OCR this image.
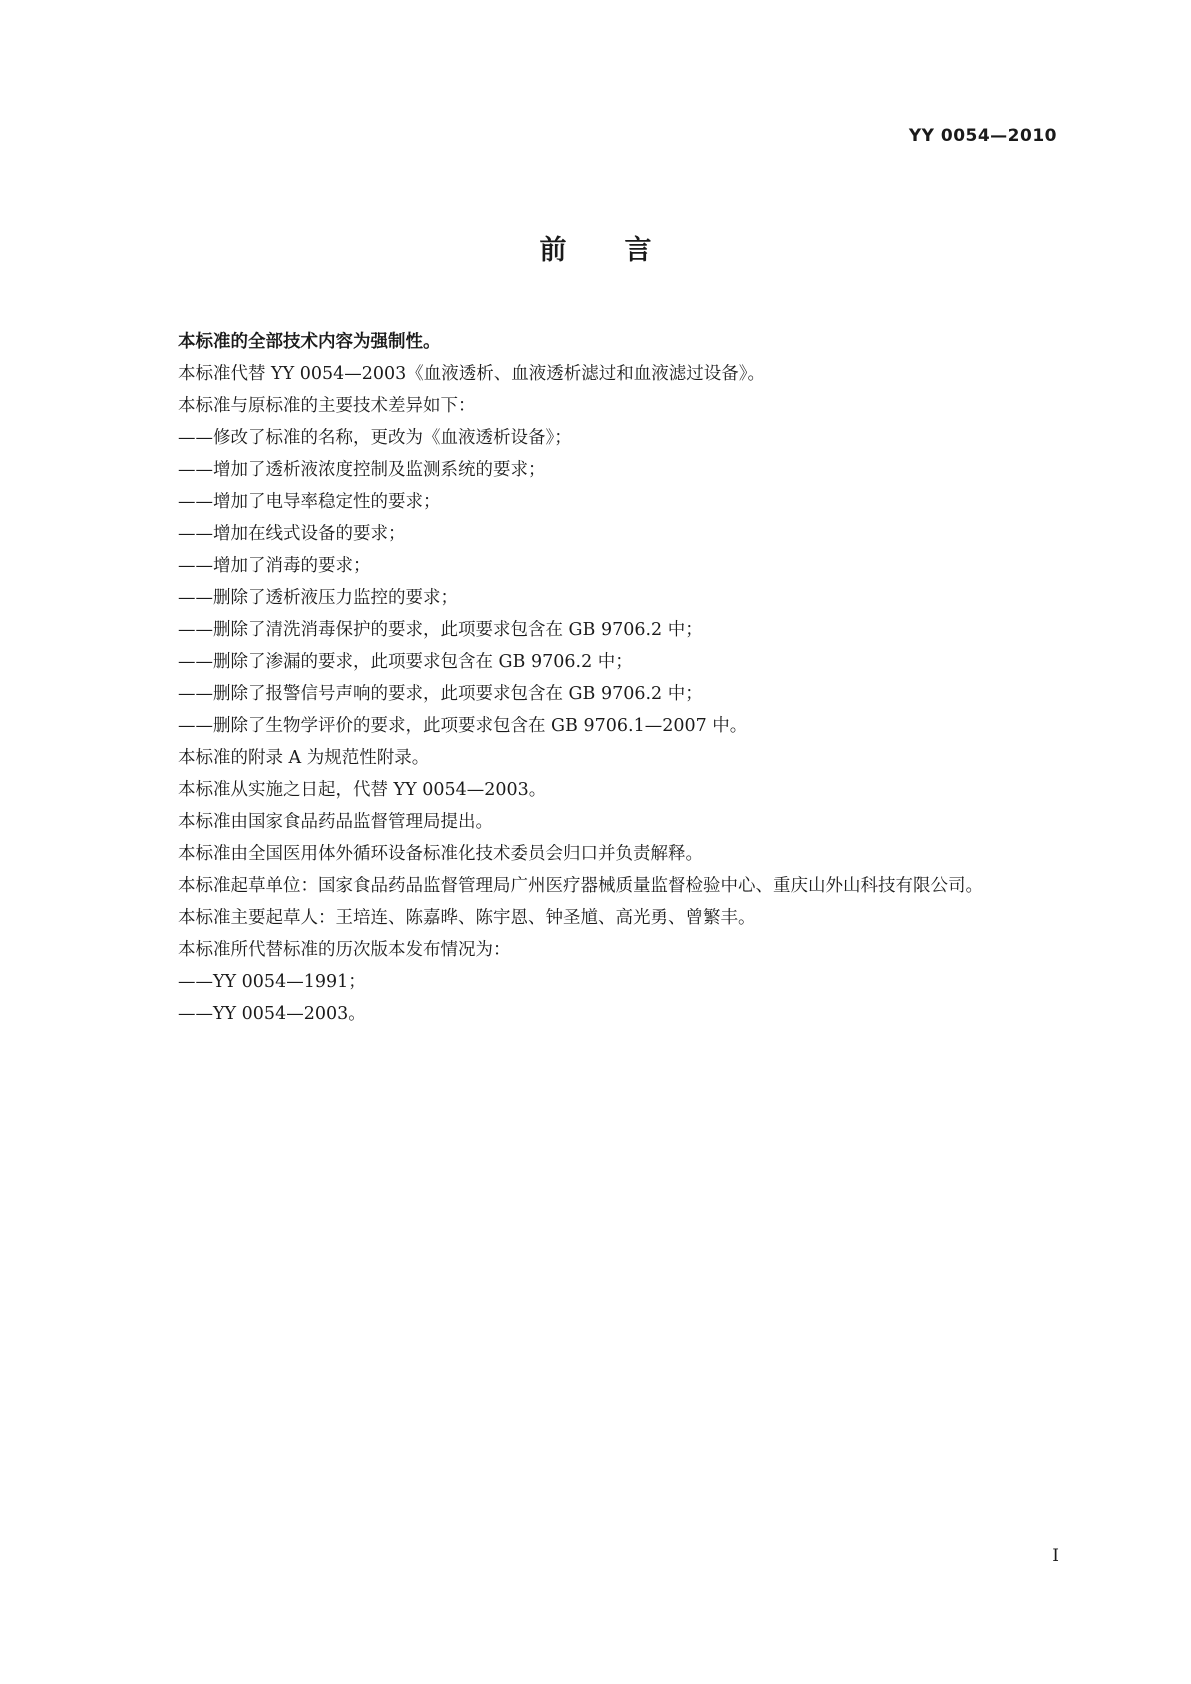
YY 0054—2010
前言

本标准的全部技术内容为强制性。

本标准代替 YY 0054—2003《血液透析、血液透析滤过和血液滤过设备》。

本标准与原标准的主要技术差异如下：

——修改了标准的名称，更改为《血液透析设备》；

——增加了透析液浓度控制及监测系统的要求；

——增加了电导率稳定性的要求；

——增加在线式设备的要求；

——增加了消毒的要求；

——删除了透析液压力监控的要求；

——删除了清洗消毒保护的要求，此项要求包含在 GB 9706.2 中；

——删除了渗漏的要求，此项要求包含在 GB 9706.2 中；

——删除了报警信号声响的要求，此项要求包含在 GB 9706.2 中；

——删除了生物学评价的要求，此项要求包含在 GB 9706.1—2007 中。

本标准的附录 A 为规范性附录。

本标准从实施之日起，代替 YY 0054—2003。

本标准由国家食品药品监督管理局提出。

本标准由全国医用体外循环设备标准化技术委员会归口并负责解释。

本标准起草单位：国家食品药品监督管理局广州医疗器械质量监督检验中心、重庆山外山科技有限公司。

本标准主要起草人：王培连、陈嘉晔、陈宇恩、钟圣馗、高光勇、曾繁丰。

本标准所代替标准的历次版本发布情况为：

——YY 0054—1991；

——YY 0054—2003。

I
